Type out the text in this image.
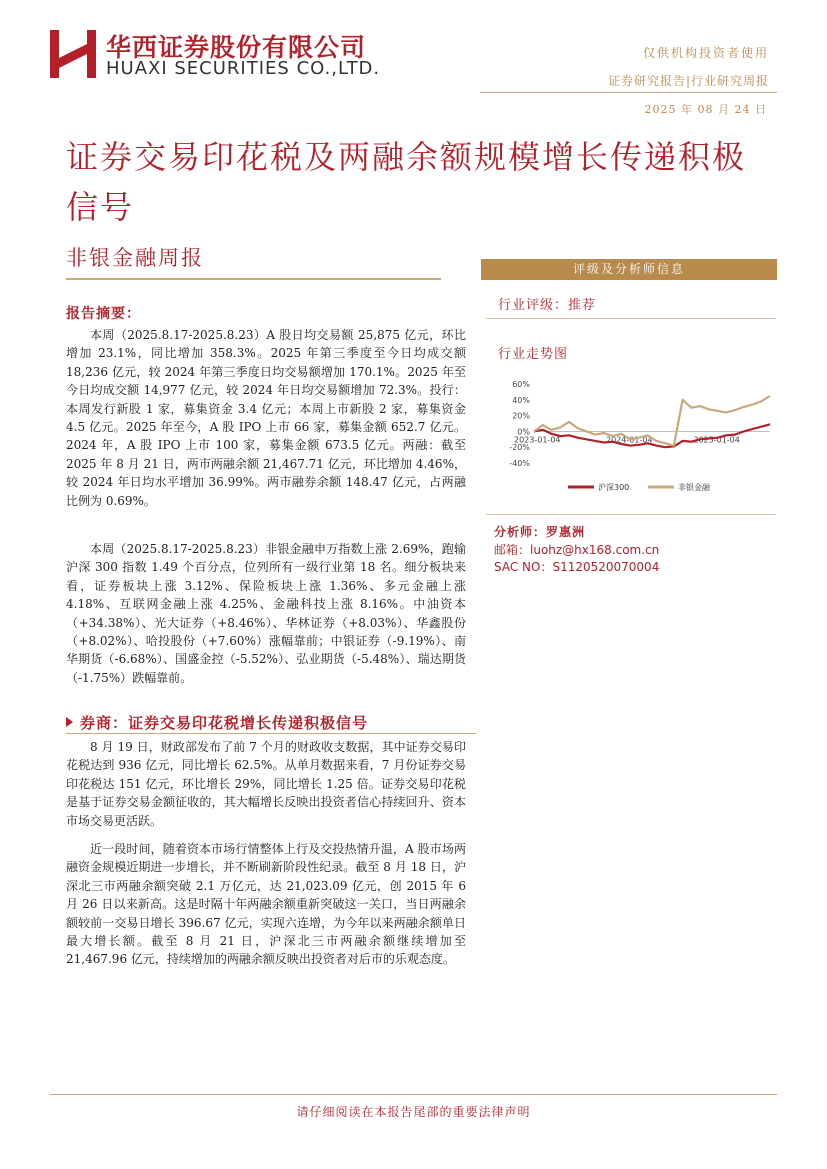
华西证券股份有限公司
HUAXI SECURITIES CO.,LTD.
仅供机构投资者使用
证券研究报告|行业研究周报
2025 年 08 月 24 日
证券交易印花税及两融余额规模增长传递积极信号
非银金融周报
报告摘要：

本周（2025.8.17-2025.8.23）A 股日均交易额 25,875 亿元，环比增加 23.1%，同比增加 358.3%。2025 年第三季度至今日均成交额 18,236 亿元，较 2024 年第三季度日均交易额增加 170.1%。2025 年至今日均成交额 14,977 亿元，较 2024 年日均交易额增加 72.3%。投行：本周发行新股 1 家，募集资金 3.4 亿元；本周上市新股 2 家，募集资金 4.5 亿元。2025 年至今，A 股 IPO 上市 66 家，募集金额 652.7 亿元。2024 年，A 股 IPO 上市 100 家，募集金额 673.5 亿元。两融：截至 2025 年 8 月 21 日，两市两融余额 21,467.71 亿元，环比增加 4.46%，较 2024 年日均水平增加 36.99%。两市融券余额 148.47 亿元，占两融比例为 0.69%。

本周（2025.8.17-2025.8.23）非银金融申万指数上涨 2.69%，跑输沪深 300 指数 1.49 个百分点，位列所有一级行业第 18 名。细分板块来看，证券板块上涨 3.12%、保险板块上涨 1.36%、多元金融上涨 4.18%、互联网金融上涨 4.25%、金融科技上涨 8.16%。中油资本（+34.38%）、光大证券（+8.46%）、华林证券（+8.03%）、华鑫股份（+8.02%）、哈投股份（+7.60%）涨幅靠前；中银证券（-9.19%）、南华期货（-6.68%）、国盛金控（-5.52%）、弘业期货（-5.48%）、瑞达期货（-1.75%）跌幅靠前。

券商：证券交易印花税增长传递积极信号

8 月 19 日，财政部发布了前 7 个月的财政收支数据，其中证券交易印花税达到 936 亿元，同比增长 62.5%。从单月数据来看，7 月份证券交易印花税达 151 亿元，环比增长 29%，同比增长 1.25 倍。证券交易印花税是基于证券交易金额征收的，其大幅增长反映出投资者信心持续回升、资本市场交易更活跃。

近一段时间，随着资本市场行情整体上行及交投热情升温，A 股市场两融资金规模近期进一步增长，并不断刷新阶段性纪录。截至 8 月 18 日，沪深北三市两融余额突破 2.1 万亿元，达 21,023.09 亿元，创 2015 年 6 月 26 日以来新高。这是时隔十年两融余额重新突破这一关口，当日两融余额较前一交易日增长 396.67 亿元，实现六连增，为今年以来两融余额单日最大增长额。截至 8 月 21 日，沪深北三市两融余额继续增加至 21,467.96 亿元，持续增加的两融余额反映出投资者对后市的乐观态度。

评级及分析师信息
行业评级：推荐
行业走势图
60%
40%
20%
0%
-20%
-40%
2023-01-04	2024-01-04	2025-01-04
沪深300	非银金融
分析师：罗惠洲
邮箱：luohz@hx168.com.cn
SAC NO：S1120520070004
请仔细阅读在本报告尾部的重要法律声明
